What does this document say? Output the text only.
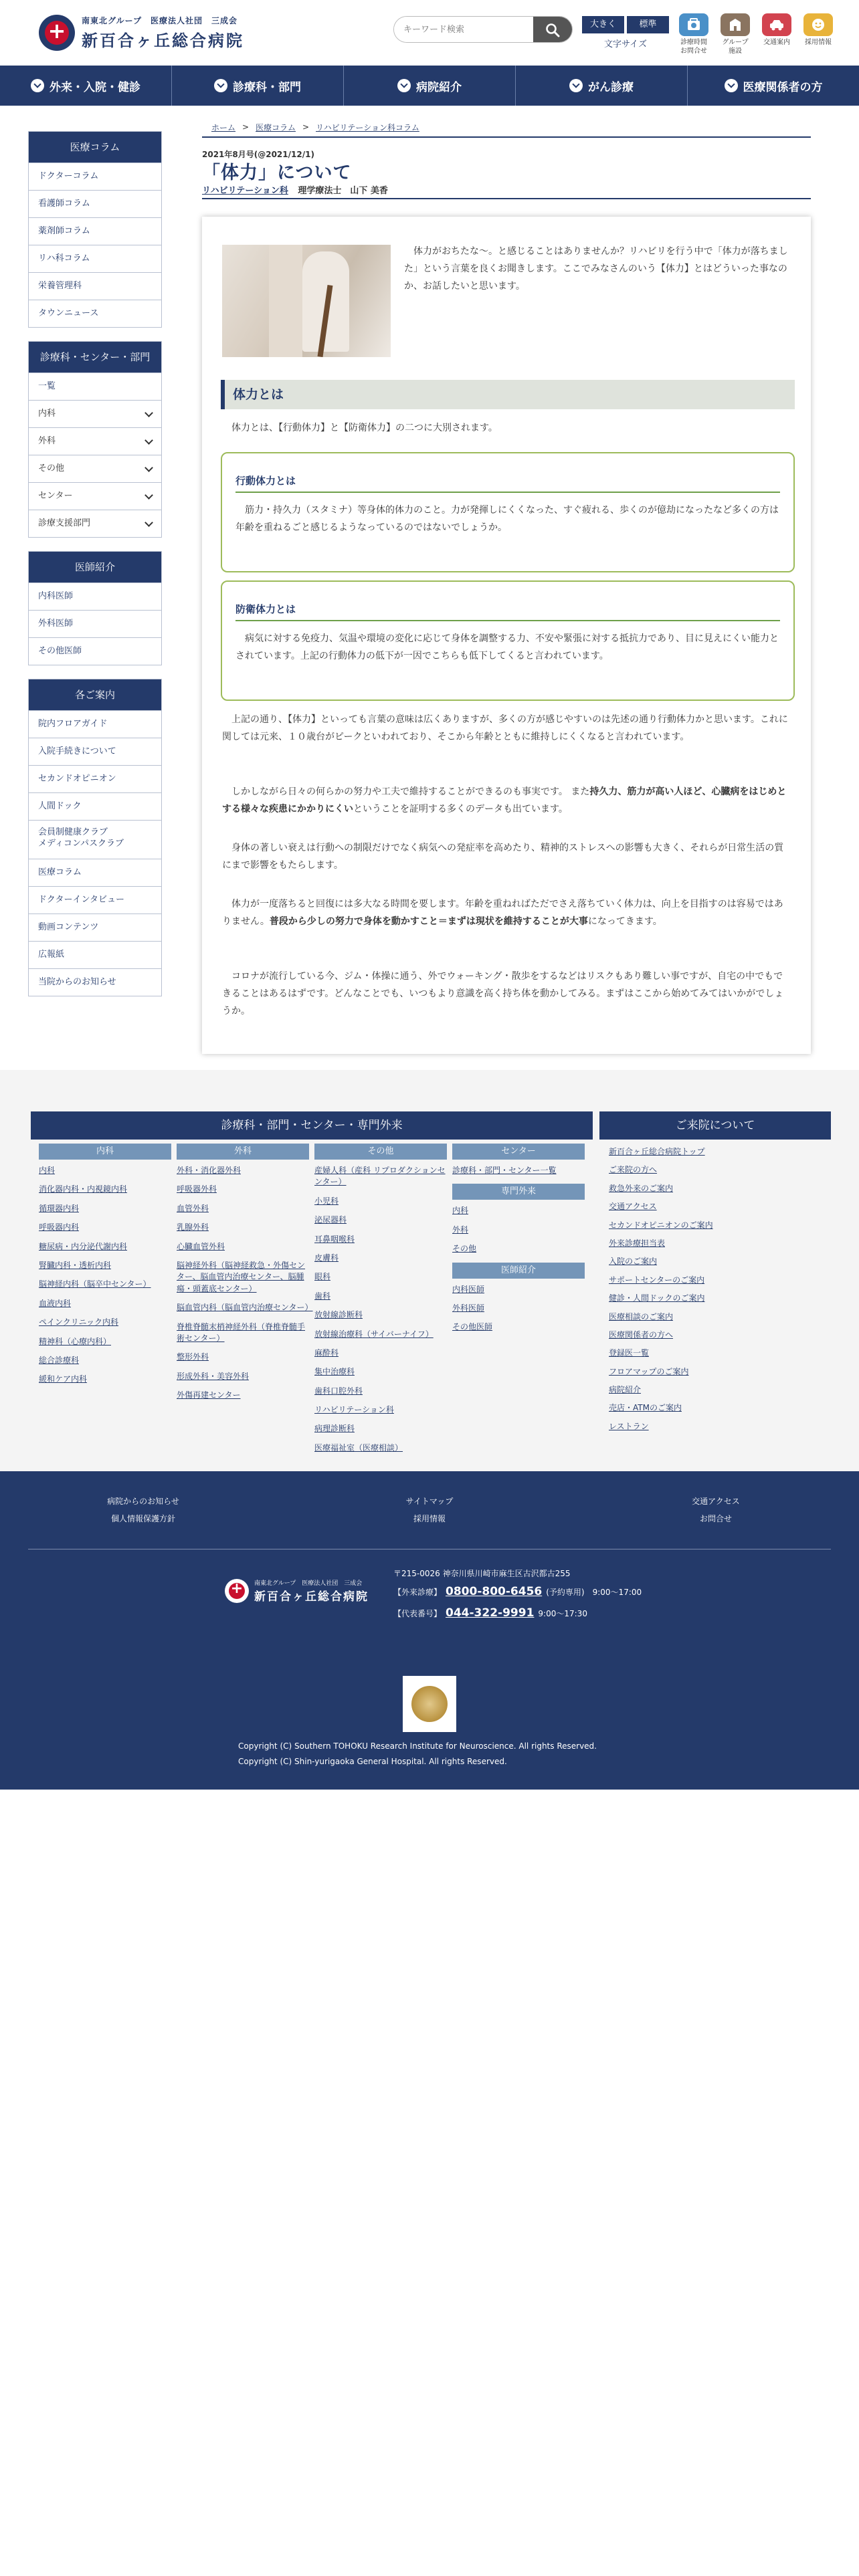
+
南東北グループ　医療法人社団　三成会
新百合ヶ丘総合病院
キーワード検索
大きく	標準
文字サイズ	診療時間
お問合せ
グループ
施設
交通案内	採用情報
外来・入院・健診	診療科・部門	病院紹介	がん診療	医療関係者の方
医療コラム
ドクターコラム
看護師コラム
薬剤師コラム
リハ科コラム
栄養管理科
タウンニュース
診療科・センター・部門
一覧
内科
外科
その他
センター
診療支援部門
医師紹介
内科医師
外科医師
その他医師
各ご案内
院内フロアガイド
入院手続きについて
セカンドオピニオン
人間ドック
会員制健康クラブ
メディコンパスクラブ
医療コラム
ドクターインタビュー
動画コンテンツ
広報紙
当院からのお知らせ
ホーム > 医療コラム > リハビリテーション科コラム
2021年8月号(@2021/12/1)
「体力」について
リハビリテーション科 理学療法士　山下 美香
体力がおちたな～。と感じることはありませんか？リハビリを行う中で「体力が落ちました」という言葉を良くお聞きします。ここでみなさんのいう【体力】とはどういった事なのか、お話したいと思います。
体力とは
体力とは、【行動体力】と【防衛体力】の二つに大別されます。
行動体力とは
筋力・持久力（スタミナ）等身体的体力のこと。力が発揮しにくくなった、すぐ疲れる、歩くのが億劫になったなど多くの方は年齢を重ねるごと感じるようなっているのではないでしょうか。
防衛体力とは
病気に対する免疫力、気温や環境の変化に応じて身体を調整する力、不安や緊張に対する抵抗力であり、目に見えにくい能力とされています。上記の行動体力の低下が一因でこちらも低下してくると言われています。
上記の通り、【体力】といっても言葉の意味は広くありますが、多くの方が感じやすいのは先述の通り行動体力かと思います。これに関しては元来、１０歳台がピークといわれており、そこから年齢とともに維持しにくくなると言われています。
しかしながら日々の何らかの努力や工夫で維持することができるのも事実です。 また持久力、筋力が高い人ほど、心臓病をはじめとする様々な疾患にかかりにくいということを証明する多くのデータも出ています。
身体の著しい衰えは行動への制限だけでなく病気への発症率を高めたり、精神的ストレスへの影響も大きく、それらが日常生活の質にまで影響をもたらします。
体力が一度落ちると回復には多大なる時間を要します。年齢を重ねればただでさえ落ちていく体力は、向上を目指すのは容易ではありません。普段から少しの努力で身体を動かすこと＝まずは現状を維持することが大事になってきます。
コロナが流行している今、ジム・体操に通う、外でウォーキング・散歩をするなどはリスクもあり難しい事ですが、自宅の中でもできることはあるはずです。どんなことでも、いつもより意識を高く持ち体を動かしてみる。まずはここから始めてみてはいかがでしょうか。
診療科・部門・センター・専門外来
内科
内科
消化器内科・内視鏡内科
循環器内科
呼吸器内科
糖尿病・内分泌代謝内科
腎臓内科・透析内科
脳神経内科（脳卒中センター）
血液内科
ペインクリニック内科
精神科（心療内科）
総合診療科
緩和ケア内科
外科
外科・消化器外科
呼吸器外科
血管外科
乳腺外科
心臓血管外科
脳神経外科（脳神経救急・外傷センター、脳血管内治療センター、脳腫瘍・頭蓋底センター）
脳血管内科（脳血管内治療センター）
脊椎脊髄末梢神経外科（脊椎脊髄手術センター）
整形外科
形成外科・美容外科
外傷再建センター
その他
産婦人科（産科 リプロダクションセンター）
小児科
泌尿器科
耳鼻咽喉科
皮膚科
眼科
歯科
放射線診断科
放射線治療科（サイバーナイフ）
麻酔科
集中治療科
歯科口腔外科
リハビリテーション科
病理診断科
医療福祉室（医療相談）
センター
診療科・部門・センター一覧
専門外来
内科
外科
その他
医師紹介
内科医師
外科医師
その他医師
ご来院について
新百合ヶ丘総合病院トップ
ご来院の方へ
救急外来のご案内
交通アクセス
セカンドオピニオンのご案内
外来診療担当表
入院のご案内
サポートセンターのご案内
健診・人間ドックのご案内
医療相談のご案内
医療関係者の方へ
登録医一覧
フロアマップのご案内
病院紹介
売店・ATMのご案内
レストラン
病院からのお知らせ
個人情報保護方針
サイトマップ
採用情報
交通アクセス
お問合せ
+
南東北グループ　医療法人社団　三成会
新百合ヶ丘総合病院
〒215-0026 神奈川県川崎市麻生区古沢都古255
【外来診療】 0800-800-6456 (予約専用)　9:00～17:00
【代表番号】 044-322-9991 9:00～17:30
Copyright (C) Southern TOHOKU Research Institute for Neuroscience. All rights Reserved.
Copyright (C) Shin-yurigaoka General Hospital. All rights Reserved.
